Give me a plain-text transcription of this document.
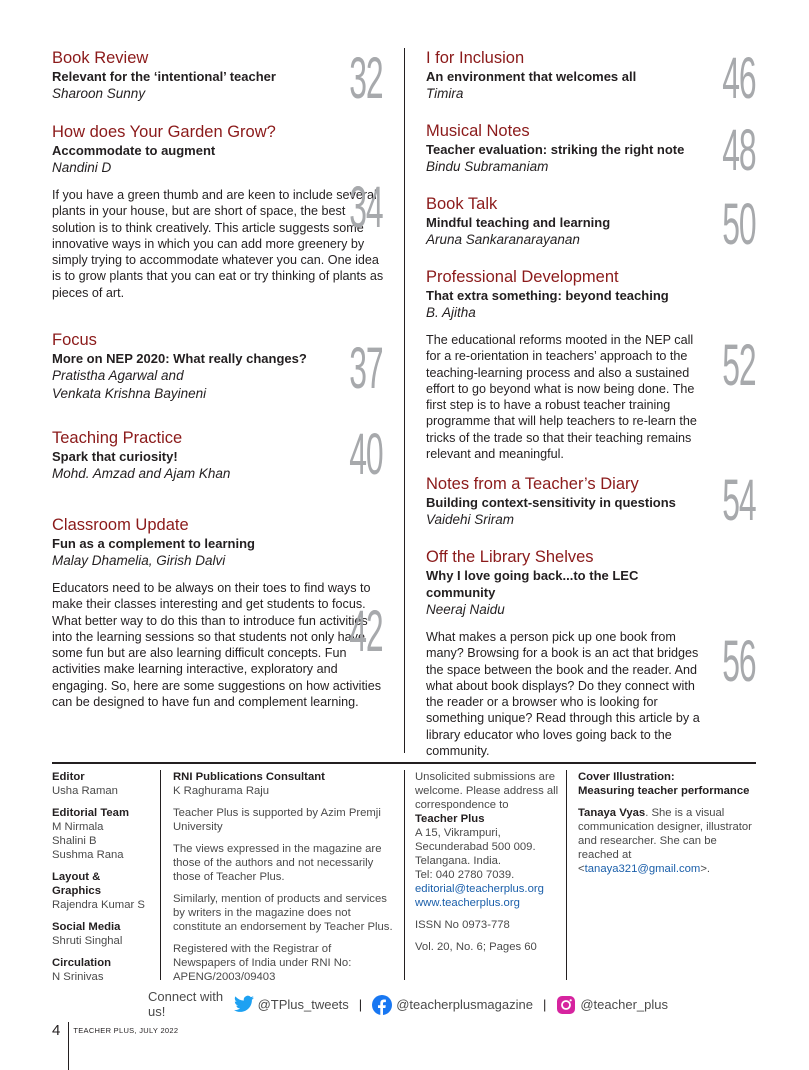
Book Review
Relevant for the ‘intentional’ teacher
Sharoon Sunny	32
How does Your Garden Grow?
Accommodate to augment
Nandini D
If you have a green thumb and are keen to include several plants in your house, but are short of space, the best solution is to think creatively. This article suggests some innovative ways in which you can add more greenery by simply trying to accommodate whatever you can. One idea is to grow plants that you can eat or try thinking of plants as pieces of art.
34
Focus
More on NEP 2020: What really changes?
Pratistha Agarwal and
Venkata Krishna Bayineni	37
Teaching Practice
Spark that curiosity!
Mohd. Amzad and Ajam Khan	40
Classroom Update
Fun as a complement to learning
Malay Dhamelia, Girish Dalvi
Educators need to be always on their toes to find ways to make their classes interesting and get students to focus. What better way to do this than to introduce fun activities into the learning sessions so that students not only have some fun but are also learning difficult concepts. Fun activities make learning interactive, exploratory and engaging. So, here are some suggestions on how activities can be designed to have fun and complement learning.
42
I for Inclusion
An environment that welcomes all
Timira	46
Musical Notes
Teacher evaluation: striking the right note
Bindu Subramaniam	48
Book Talk
Mindful teaching and learning
Aruna Sankaranarayanan	50
Professional Development
That extra something: beyond teaching
B. Ajitha
The educational reforms mooted in the NEP call for a re-orientation in teachers’ approach to the teaching-learning process and also a sustained effort to go beyond what is now being done. The first step is to have a robust teacher training programme that will help teachers to re-learn the tricks of the trade so that their teaching remains relevant and meaningful.
52
Notes from a Teacher’s Diary
Building context-sensitivity in questions
Vaidehi Sriram	54
Off the Library Shelves
Why I love going back...to the LEC community
Neeraj Naidu
What makes a person pick up one book from many? Browsing for a book is an act that bridges the space between the book and the reader. And what about book displays? Do they connect with the reader or a browser who is looking for something unique? Read through this article by a library educator who loves going back to the community.
56
Editor
Usha Raman
Editorial Team
M Nirmala
Shalini B
Sushma Rana
Layout & Graphics
Rajendra Kumar S
Social Media
Shruti Singhal
Circulation
N Srinivas
RNI Publications Consultant
K Raghurama Raju
Teacher Plus is supported by Azim Premji University
The views expressed in the magazine are those of the authors and not necessarily those of Teacher Plus.
Similarly, mention of products and services by writers in the magazine does not constitute an endorsement by Teacher Plus.
Registered with the Registrar of Newspapers of India under RNI No: APENG/2003/09403
Unsolicited submissions are welcome. Please address all correspondence to
Teacher Plus
A 15, Vikrampuri,
Secunderabad 500 009.
Telangana. India.
Tel: 040 2780 7039.
editorial@teacherplus.org
www.teacherplus.org
ISSN No 0973-778
Vol. 20, No. 6; Pages 60
Cover Illustration:
Measuring teacher performance
Tanaya Vyas. She is a visual communication designer, illustrator and researcher. She can be reached at <tanaya321@gmail.com>.
Connect with us!	@TPlus_tweets |	@teacherplusmagazine |	@teacher_plus
4 TEACHER PLUS, JULY 2022
